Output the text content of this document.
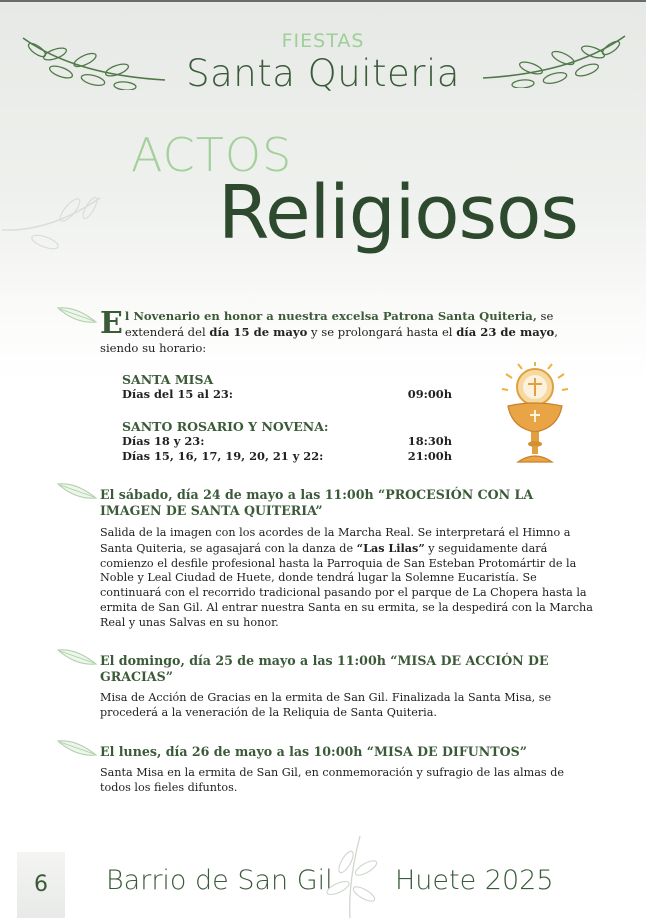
FIESTAS
Santa Quiteria
ACTOS
Religiosos
El Novenario en honor a nuestra excelsa Patrona Santa Quiteria, se extenderá del día 15 de mayo y se prolongará hasta el día 23 de mayo, siendo su horario:
SANTA MISA
Días del 15 al 23:	09:00h
SANTO ROSARIO Y NOVENA:
Días 18 y 23:	18:30h
Días 15, 16, 17, 19, 20, 21 y 22:	21:00h
El sábado, día 24 de mayo a las 11:00h “PROCESIÓN CON LA IMAGEN DE SANTA QUITERIA”
Salida de la imagen con los acordes de la Marcha Real. Se interpretará el Himno a Santa Quiteria, se agasajará con la danza de “Las Lilas” y seguidamente dará comienzo el desfile profesional hasta la Parroquia de San Esteban Protomártir de la Noble y Leal Ciudad de Huete, donde tendrá lugar la Solemne Eucaristía. Se continuará con el recorrido tradicional pasando por el parque de La Chopera hasta la ermita de San Gil. Al entrar nuestra Santa en su ermita, se la despedirá con la Marcha Real y unas Salvas en su honor.
El domingo, día 25 de mayo a las 11:00h “MISA DE ACCIÓN DE GRACIAS”
Misa de Acción de Gracias en la ermita de San Gil. Finalizada la Santa Misa, se procederá a la veneración de la Reliquia de Santa Quiteria.
El lunes, día 26 de mayo a las 10:00h “MISA DE DIFUNTOS”
Santa Misa en la ermita de San Gil, en conmemoración y sufragio de las almas de todos los fieles difuntos.
6	Barrio de San Gil Huete 2025
